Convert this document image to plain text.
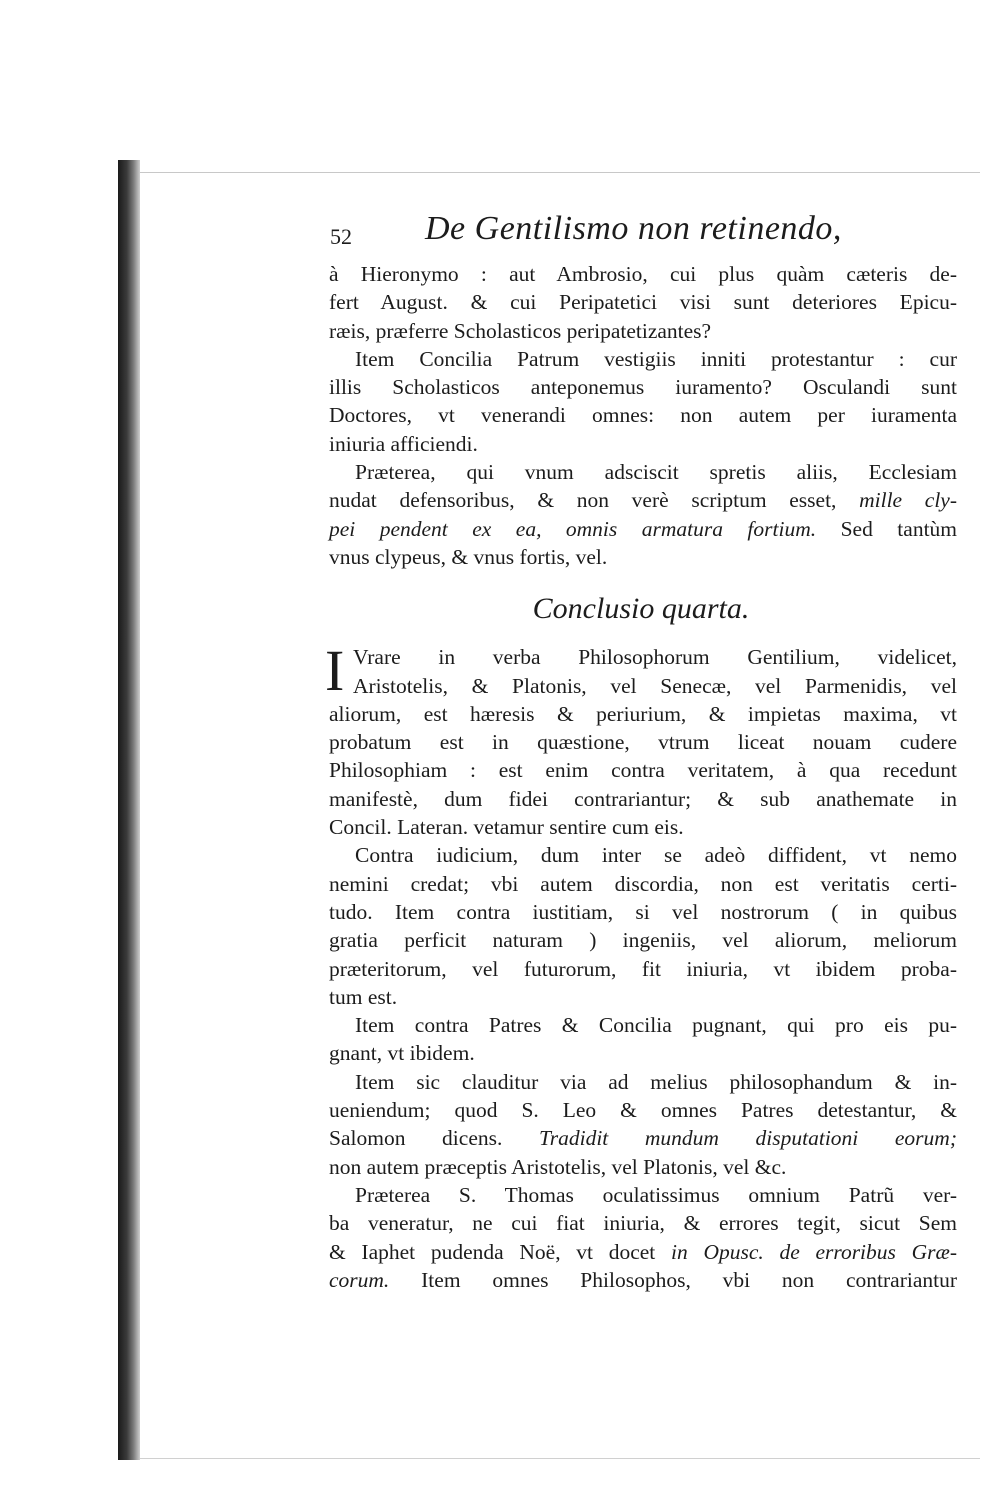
52 De Gentilismo non retinendo,
à Hieronymo : aut Ambrosio, cui plus quàm cæteris de-
fert August. & cui Peripatetici visi sunt deteriores Epicu-
ræis, præferre Scholasticos peripatetizantes?
Item Concilia Patrum vestigiis inniti protestantur : cur
illis Scholasticos anteponemus iuramento? Osculandi sunt
Doctores, vt venerandi omnes: non autem per iuramenta
iniuria afficiendi.
Præterea, qui vnum adsciscit spretis aliis, Ecclesiam
nudat defensoribus, & non verè scriptum esset, mille cly-
pei pendent ex ea, omnis armatura fortium. Sed tantùm
vnus clypeus, & vnus fortis, vel.
Conclusio quarta.
I Vrare in verba Philosophorum Gentilium, videlicet,
Aristotelis, & Platonis, vel Senecæ, vel Parmenidis, vel
aliorum, est hæresis & periurium, & impietas maxima, vt
probatum est in quæstione, vtrum liceat nouam cudere
Philosophiam : est enim contra veritatem, à qua recedunt
manifestè, dum fidei contrariantur; & sub anathemate in
Concil. Lateran. vetamur sentire cum eis.
Contra iudicium, dum inter se adeò diffident, vt nemo
nemini credat; vbi autem discordia, non est veritatis certi-
tudo. Item contra iustitiam, si vel nostrorum ( in quibus
gratia perficit naturam ) ingeniis, vel aliorum, meliorum
præteritorum, vel futurorum, fit iniuria, vt ibidem proba-
tum est.
Item contra Patres & Concilia pugnant, qui pro eis pu-
gnant, vt ibidem.
Item sic clauditur via ad melius philosophandum & in-
ueniendum; quod S. Leo & omnes Patres detestantur, &
Salomon dicens. Tradidit mundum disputationi eorum;
non autem præceptis Aristotelis, vel Platonis, vel &c.
Præterea S. Thomas oculatissimus omnium Patrũ ver-
ba veneratur, ne cui fiat iniuria, & errores tegit, sicut Sem
& Iaphet pudenda Noë, vt docet in Opusc. de erroribus Græ-
corum. Item omnes Philosophos, vbi non contrariantur
